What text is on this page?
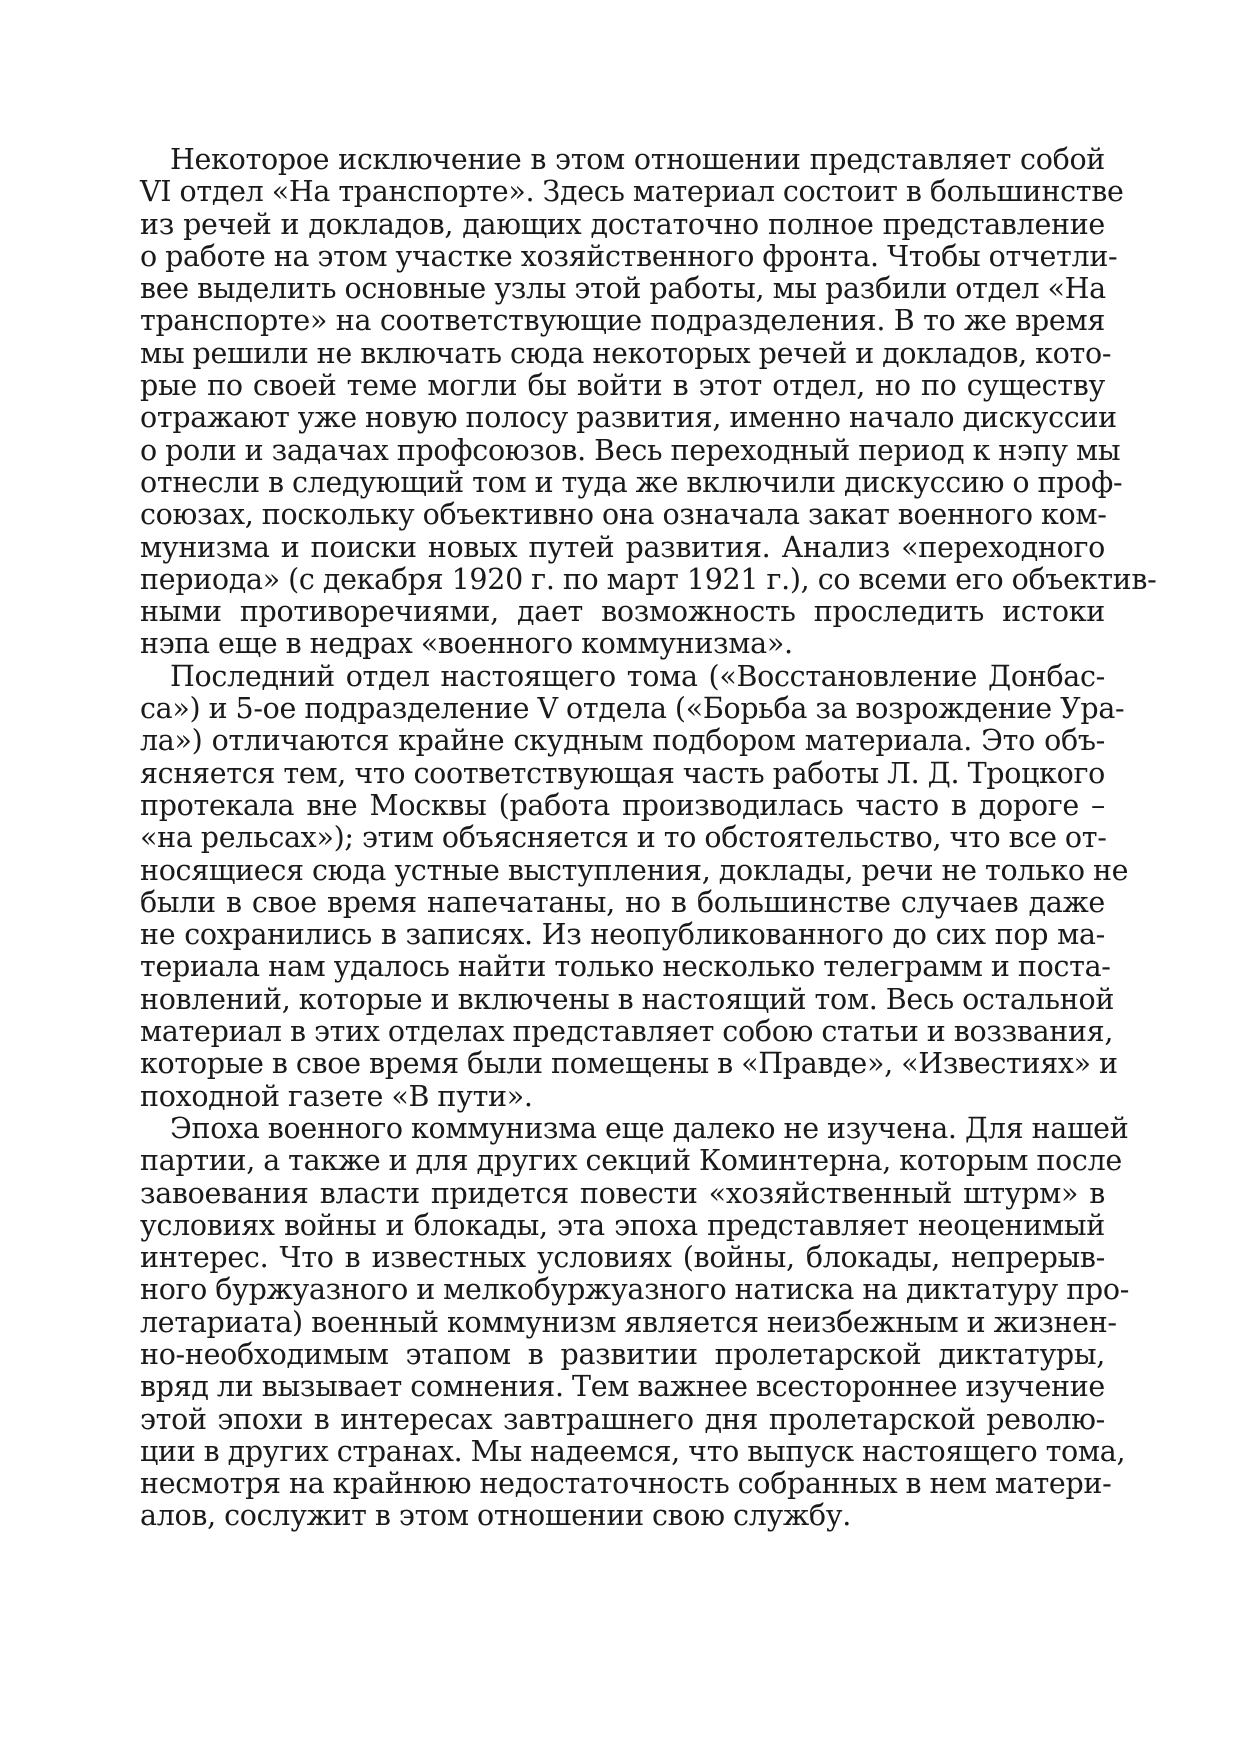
Некоторое исключение в этом отношении представляет собой
VI отдел «На транспорте». Здесь материал состоит в большинстве
из речей и докладов, дающих достаточно полное представление
о работе на этом участке хозяйственного фронта. Чтобы отчетли-
вее выделить основные узлы этой работы, мы разбили отдел «На
транспорте» на соответствующие подразделения. В то же время
мы решили не включать сюда некоторых речей и докладов, кото-
рые по своей теме могли бы войти в этот отдел, но по существу
отражают уже новую полосу развития, именно начало дискуссии
о роли и задачах профсоюзов. Весь переходный период к нэпу мы
отнесли в следующий том и туда же включили дискуссию о проф-
союзах, поскольку объективно она означала закат военного ком-
мунизма и поиски новых путей развития. Анализ «переходного
периода» (с декабря 1920 г. по март 1921 г.), со всеми его объектив-
ными противоречиями, дает возможность проследить истоки
нэпа еще в недрах «военного коммунизма».
Последний отдел настоящего тома («Восстановление Донбас-
са») и 5-ое подразделение V отдела («Борьба за возрождение Ура-
ла») отличаются крайне скудным подбором материала. Это объ-
ясняется тем, что соответствующая часть работы Л. Д. Троцкого
протекала вне Москвы (работа производилась часто в дороге –
«на рельсах»); этим объясняется и то обстоятельство, что все от-
носящиеся сюда устные выступления, доклады, речи не только не
были в свое время напечатаны, но в большинстве случаев даже
не сохранились в записях. Из неопубликованного до сих пор ма-
териала нам удалось найти только несколько телеграмм и поста-
новлений, которые и включены в настоящий том. Весь остальной
материал в этих отделах представляет собою статьи и воззвания,
которые в свое время были помещены в «Правде», «Известиях» и
походной газете «В пути».
Эпоха военного коммунизма еще далеко не изучена. Для нашей
партии, а также и для других секций Коминтерна, которым после
завоевания власти придется повести «хозяйственный штурм» в
условиях войны и блокады, эта эпоха представляет неоценимый
интерес. Что в известных условиях (войны, блокады, непрерыв-
ного буржуазного и мелкобуржуазного натиска на диктатуру про-
летариата) военный коммунизм является неизбежным и жизнен-
но-необходимым этапом в развитии пролетарской диктатуры,
вряд ли вызывает сомнения. Тем важнее всестороннее изучение
этой эпохи в интересах завтрашнего дня пролетарской револю-
ции в других странах. Мы надеемся, что выпуск настоящего тома,
несмотря на крайнюю недостаточность собранных в нем матери-
алов, сослужит в этом отношении свою службу.
